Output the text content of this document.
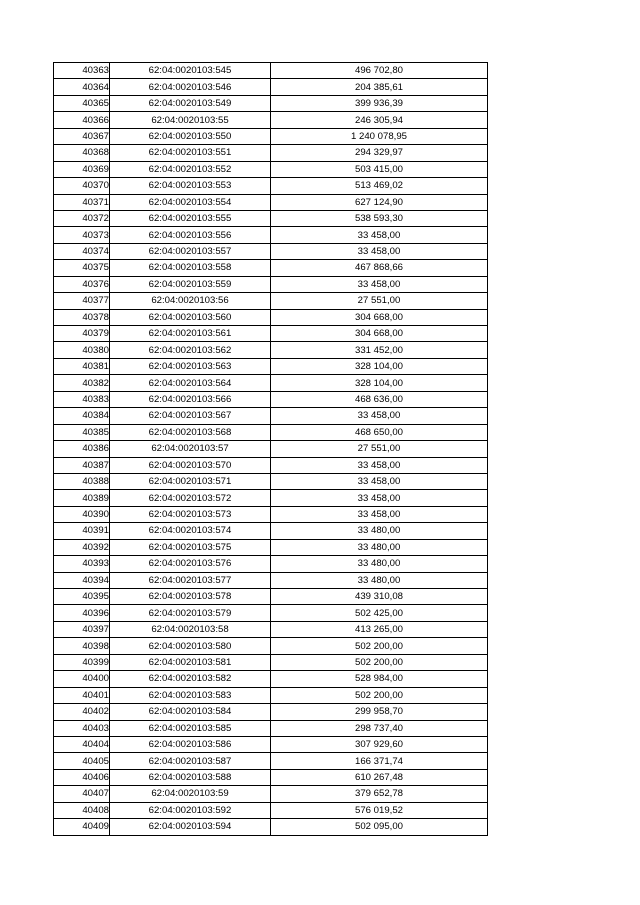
40363	62:04:0020103:545	496 702,80
40364	62:04:0020103:546	204 385,61
40365	62:04:0020103:549	399 936,39
40366	62:04:0020103:55	246 305,94
40367	62:04:0020103:550	1 240 078,95
40368	62:04:0020103:551	294 329,97
40369	62:04:0020103:552	503 415,00
40370	62:04:0020103:553	513 469,02
40371	62:04:0020103:554	627 124,90
40372	62:04:0020103:555	538 593,30
40373	62:04:0020103:556	33 458,00
40374	62:04:0020103:557	33 458,00
40375	62:04:0020103:558	467 868,66
40376	62:04:0020103:559	33 458,00
40377	62:04:0020103:56	27 551,00
40378	62:04:0020103:560	304 668,00
40379	62:04:0020103:561	304 668,00
40380	62:04:0020103:562	331 452,00
40381	62:04:0020103:563	328 104,00
40382	62:04:0020103:564	328 104,00
40383	62:04:0020103:566	468 636,00
40384	62:04:0020103:567	33 458,00
40385	62:04:0020103:568	468 650,00
40386	62:04:0020103:57	27 551,00
40387	62:04:0020103:570	33 458,00
40388	62:04:0020103:571	33 458,00
40389	62:04:0020103:572	33 458,00
40390	62:04:0020103:573	33 458,00
40391	62:04:0020103:574	33 480,00
40392	62:04:0020103:575	33 480,00
40393	62:04:0020103:576	33 480,00
40394	62:04:0020103:577	33 480,00
40395	62:04:0020103:578	439 310,08
40396	62:04:0020103:579	502 425,00
40397	62:04:0020103:58	413 265,00
40398	62:04:0020103:580	502 200,00
40399	62:04:0020103:581	502 200,00
40400	62:04:0020103:582	528 984,00
40401	62:04:0020103:583	502 200,00
40402	62:04:0020103:584	299 958,70
40403	62:04:0020103:585	298 737,40
40404	62:04:0020103:586	307 929,60
40405	62:04:0020103:587	166 371,74
40406	62:04:0020103:588	610 267,48
40407	62:04:0020103:59	379 652,78
40408	62:04:0020103:592	576 019,52
40409	62:04:0020103:594	502 095,00
